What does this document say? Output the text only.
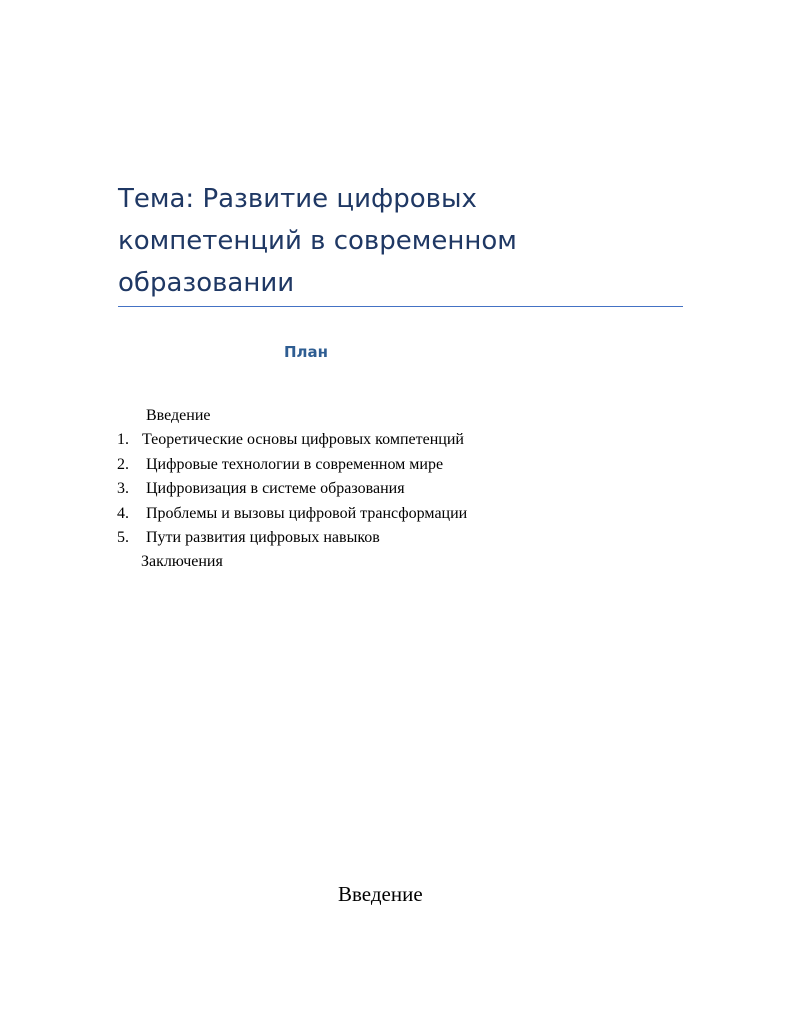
Тема: Развитие цифровых компетенций в современном образовании
План
Введение
1. Теоретические основы цифровых компетенций
2. Цифровые технологии в современном мире
3. Цифровизация в системе образования
4. Проблемы и вызовы цифровой трансформации
5. Пути развития цифровых навыков
Заключения
Введение
